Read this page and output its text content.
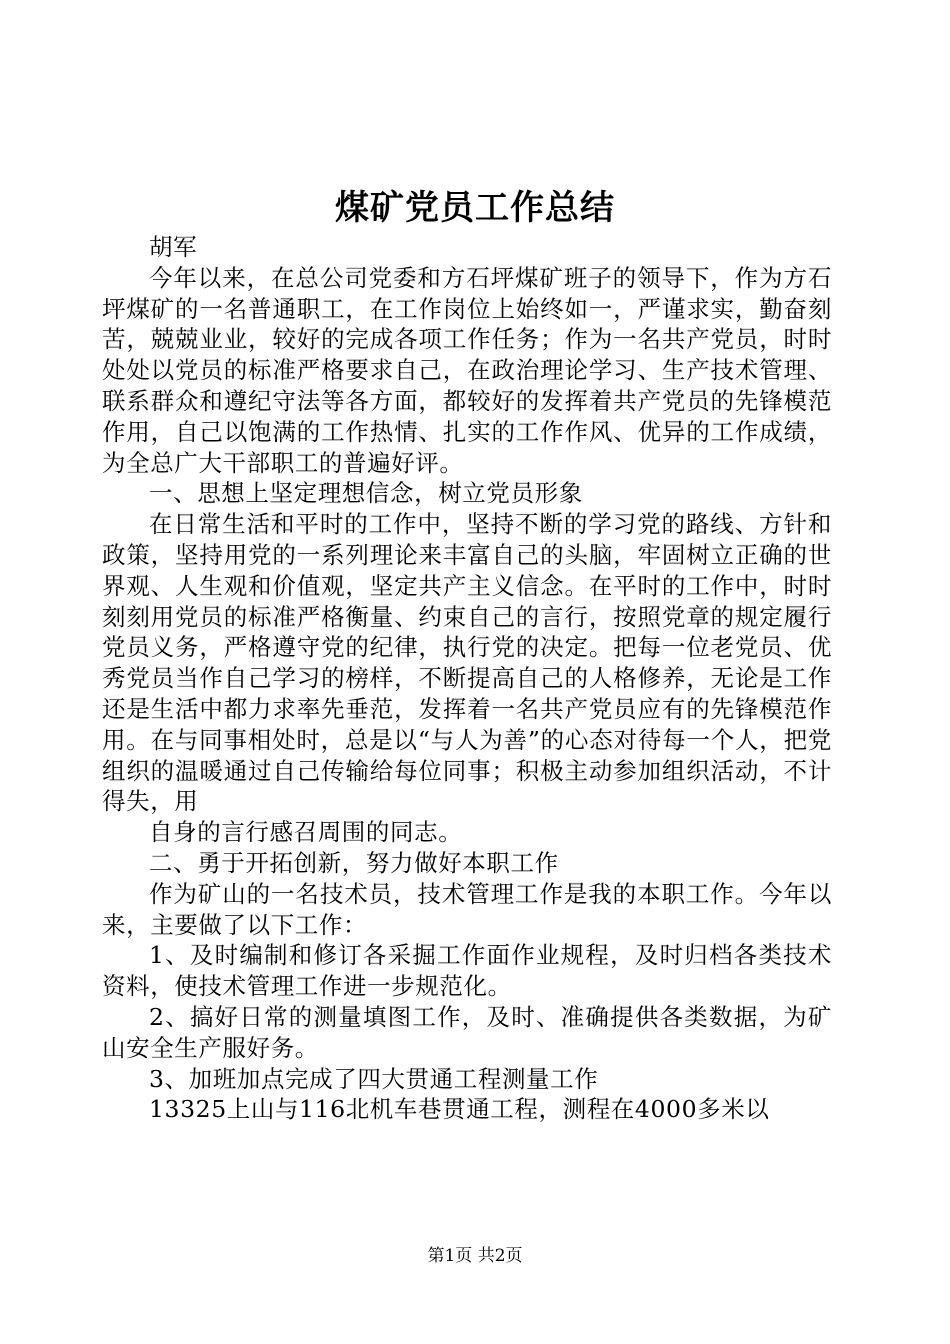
煤矿党员工作总结

胡军

今年以来，在总公司党委和方石坪煤矿班子的领导下，作为方石坪煤矿的一名普通职工，在工作岗位上始终如一，严谨求实，勤奋刻苦，兢兢业业，较好的完成各项工作任务；作为一名共产党员，时时处处以党员的标准严格要求自己，在政治理论学习、生产技术管理、联系群众和遵纪守法等各方面，都较好的发挥着共产党员的先锋模范作用，自己以饱满的工作热情、扎实的工作作风、优异的工作成绩，为全总广大干部职工的普遍好评。

一、思想上坚定理想信念，树立党员形象

在日常生活和平时的工作中，坚持不断的学习党的路线、方针和政策，坚持用党的一系列理论来丰富自己的头脑，牢固树立正确的世界观、人生观和价值观，坚定共产主义信念。在平时的工作中，时时刻刻用党员的标准严格衡量、约束自己的言行，按照党章的规定履行党员义务，严格遵守党的纪律，执行党的决定。把每一位老党员、优秀党员当作自己学习的榜样，不断提高自己的人格修养，无论是工作还是生活中都力求率先垂范，发挥着一名共产党员应有的先锋模范作用。在与同事相处时，总是以“与人为善”的心态对待每一个人，把党组织的温暖通过自己传输给每位同事；积极主动参加组织活动，不计得失，用

自身的言行感召周围的同志。

二、勇于开拓创新，努力做好本职工作

作为矿山的一名技术员，技术管理工作是我的本职工作。今年以来，主要做了以下工作：

1、及时编制和修订各采掘工作面作业规程，及时归档各类技术资料，使技术管理工作进一步规范化。

2、搞好日常的测量填图工作，及时、准确提供各类数据，为矿山安全生产服好务。

3、加班加点完成了四大贯通工程测量工作

13325上山与116北机车巷贯通工程，测程在4000多米以

第1页 共2页
